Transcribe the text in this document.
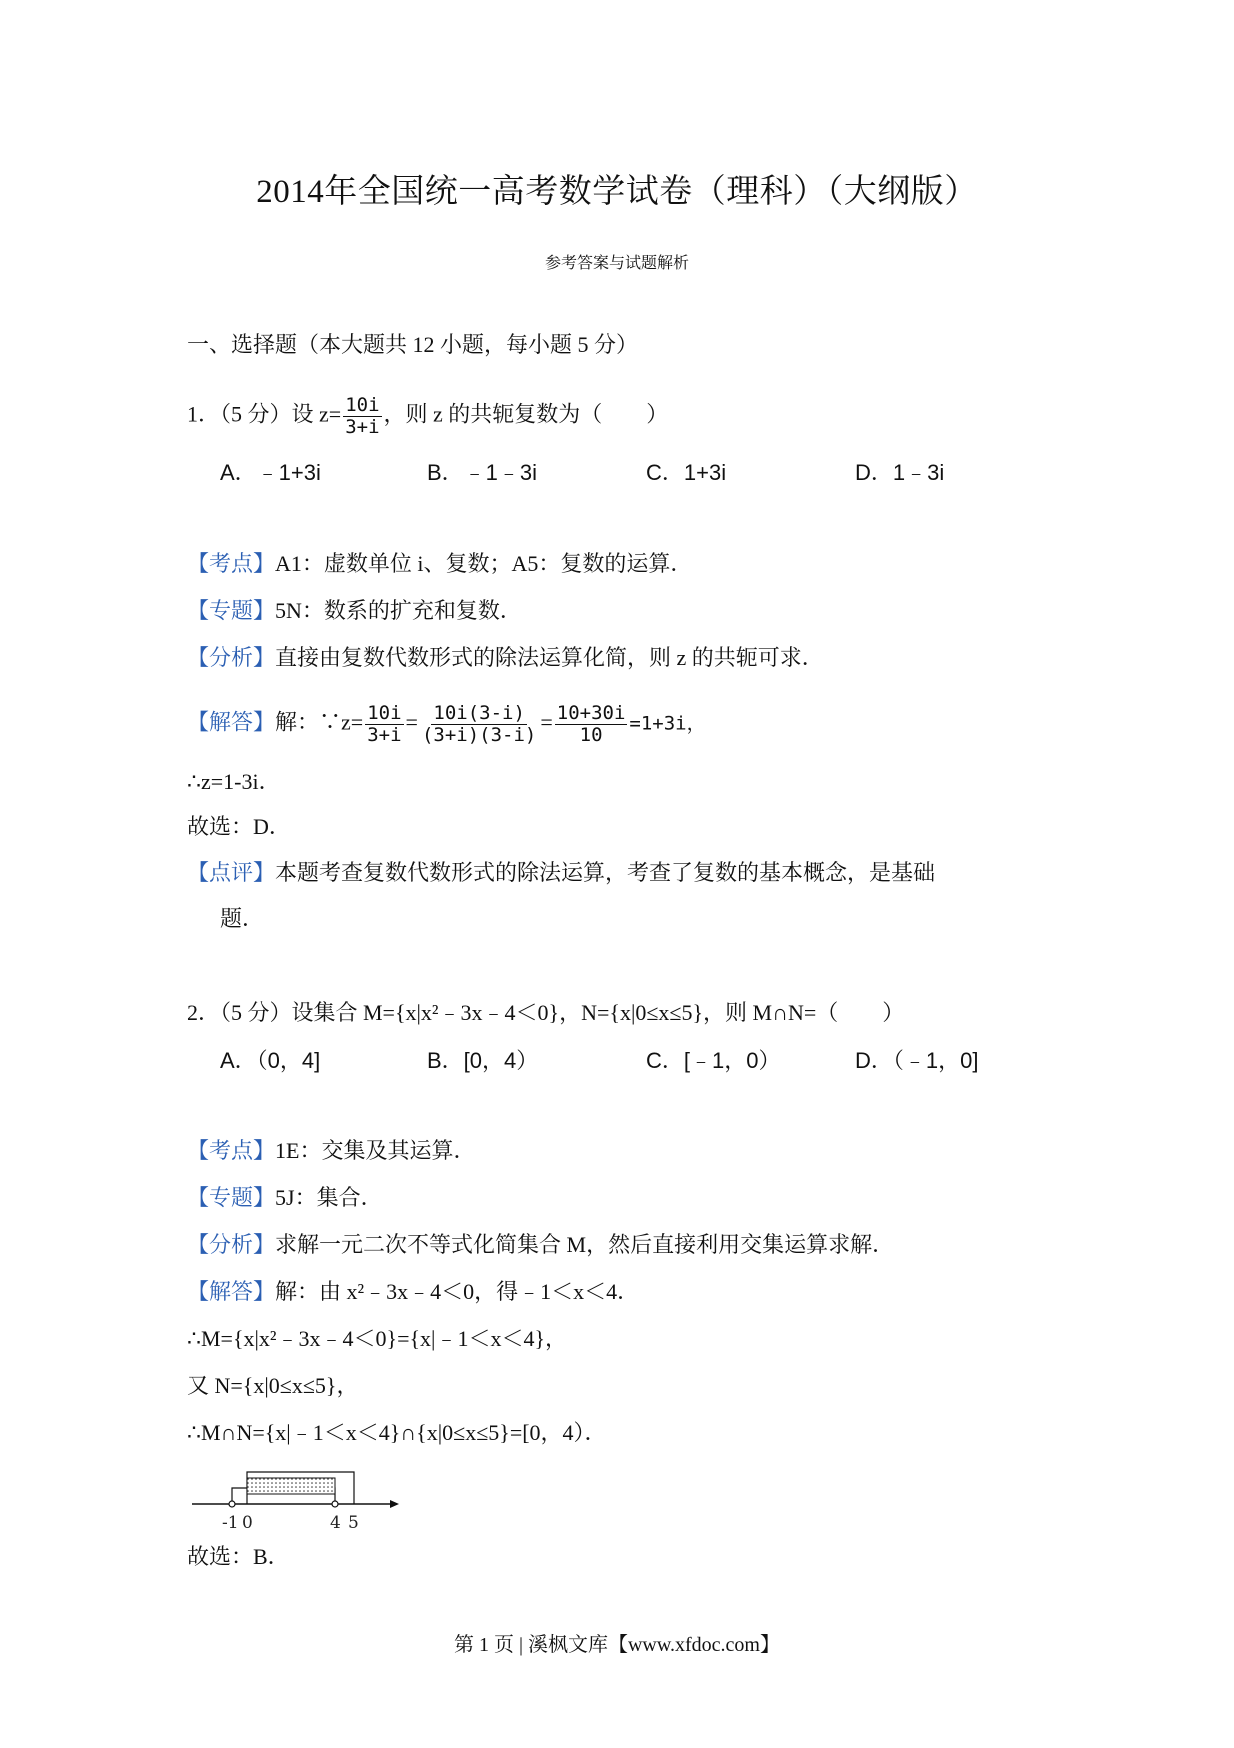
2014年全国统一高考数学试卷（理科）（大纲版）
参考答案与试题解析
一、选择题（本大题共 12 小题，每小题 5 分）
1．（5 分）设 $z= \frac{10i}{3+i}$ ，则 z 的共轭复数为（　　）
A．﹣1+3i	B．﹣1﹣3i	C．1+3i	D．1﹣3i
【考点】A1：虚数单位 i、复数；A5：复数的运算．
【专题】5N：数系的扩充和复数．
【分析】直接由复数代数形式的除法运算化简，则 z 的共轭可求．
【解答】解：∵z= $\frac{10i}{3+i} = \frac{10i(3-i)}{(3+i)(3-i)} = \frac{10+30i}{10} =1+3i$，
∴z=1-3i．
故选：D．
【点评】本题考查复数代数形式的除法运算，考查了复数的基本概念，是基础
题．
2．（5 分）设集合 M={x|x²﹣3x﹣4＜0}，N={x|0≤x≤5}，则 M∩N=（　　）
A．（0，4]	B．[0，4）	C．[﹣1，0）	D．（﹣1，0]
【考点】1E：交集及其运算．
【专题】5J：集合．
【分析】求解一元二次不等式化简集合 M，然后直接利用交集运算求解．
【解答】解：由 x²﹣3x﹣4＜0，得﹣1＜x＜4．
∴M={x|x²﹣3x﹣4＜0}={x|﹣1＜x＜4}，
又 N={x|0≤x≤5}，
∴M∩N={x|﹣1＜x＜4}∩{x|0≤x≤5}=[0，4）．
-1 0	4 5
故选：B．
第 1 页 | 溪枫文库【www.xfdoc.com】
